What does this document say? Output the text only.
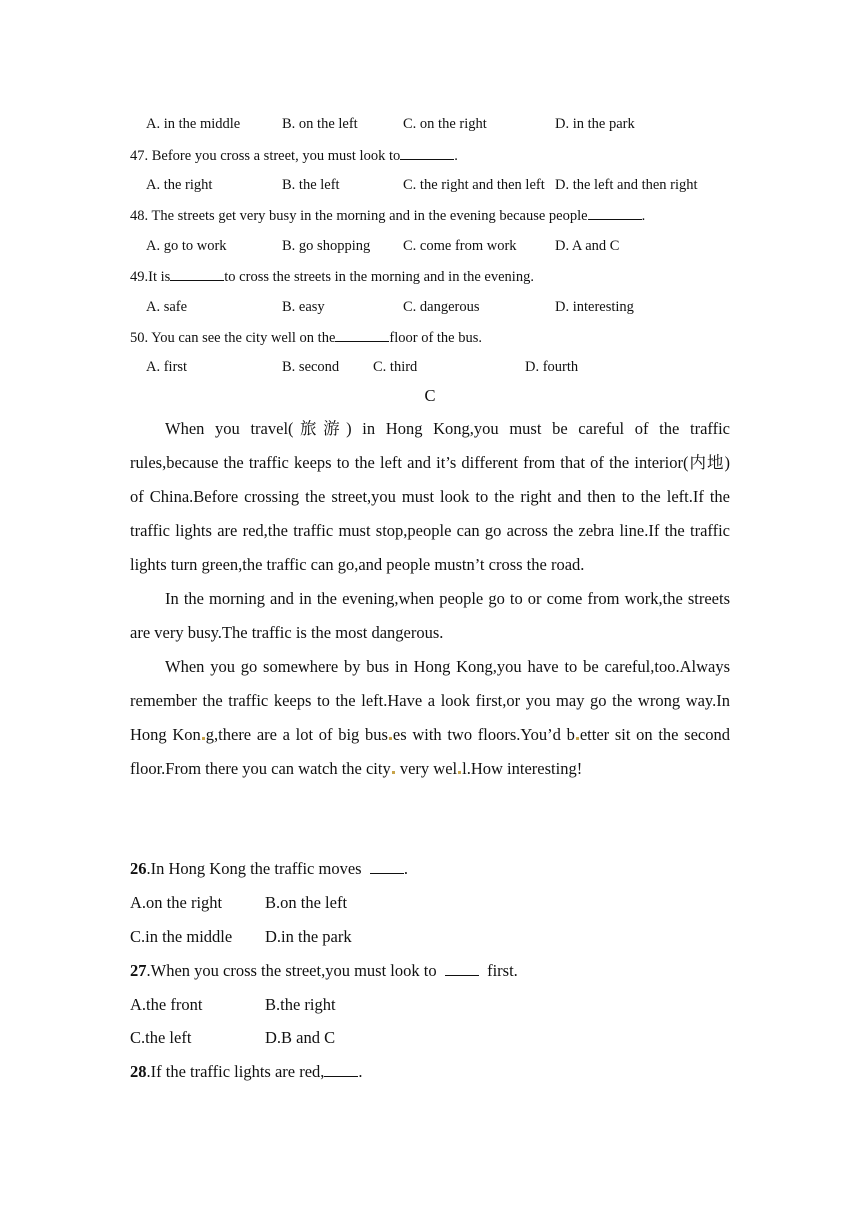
A. in the middle	B. on the left	C. on the right	D. in the park
47. Before you cross a street, you must look to	.
A. the right	B. the left	C. the right and then left D. the left and then right
48. The streets get very busy in the morning and in the evening because people	.
A. go to work	B. go shopping C. come from work	D. A and C
49.It is	to cross the streets in the morning and in the evening.
A. safe	B. easy	C. dangerous	D. interesting
50. You can see the city well on the	floor of the bus.
A. first	B. second C. third	D. fourth
C

When you travel(旅游) in Hong Kong,you must be careful of the traffic rules,because the traffic keeps to the left and it’s different from that of the interior(内地) of China.Before crossing the street,you must look to the right and then to the left.If the traffic lights are red,the traffic must stop,people can go across the zebra line.If the traffic lights turn green,the traffic can go,and people mustn’t cross the road.

In the morning and in the evening,when people go to or come from work,the streets are very busy.The traffic is the most dangerous.

When you go somewhere by bus in Hong Kong,you have to be careful,too.Always remember the traffic keeps to the left.Have a look first,or you may go the wrong way.In Hong Kon g,there are a lot of big bus es with two floors.You’d b etter sit on the second floor.From there you can watch the city very wel l.How interesting!

26.In Hong Kong the traffic moves	.
A.on the right	B.on the left
C.in the middle D.in the park
27.When you cross the street,you must look to	first.
A.the front	B.the right
C.the left	D.B and C
28.If the traffic lights are red, .
